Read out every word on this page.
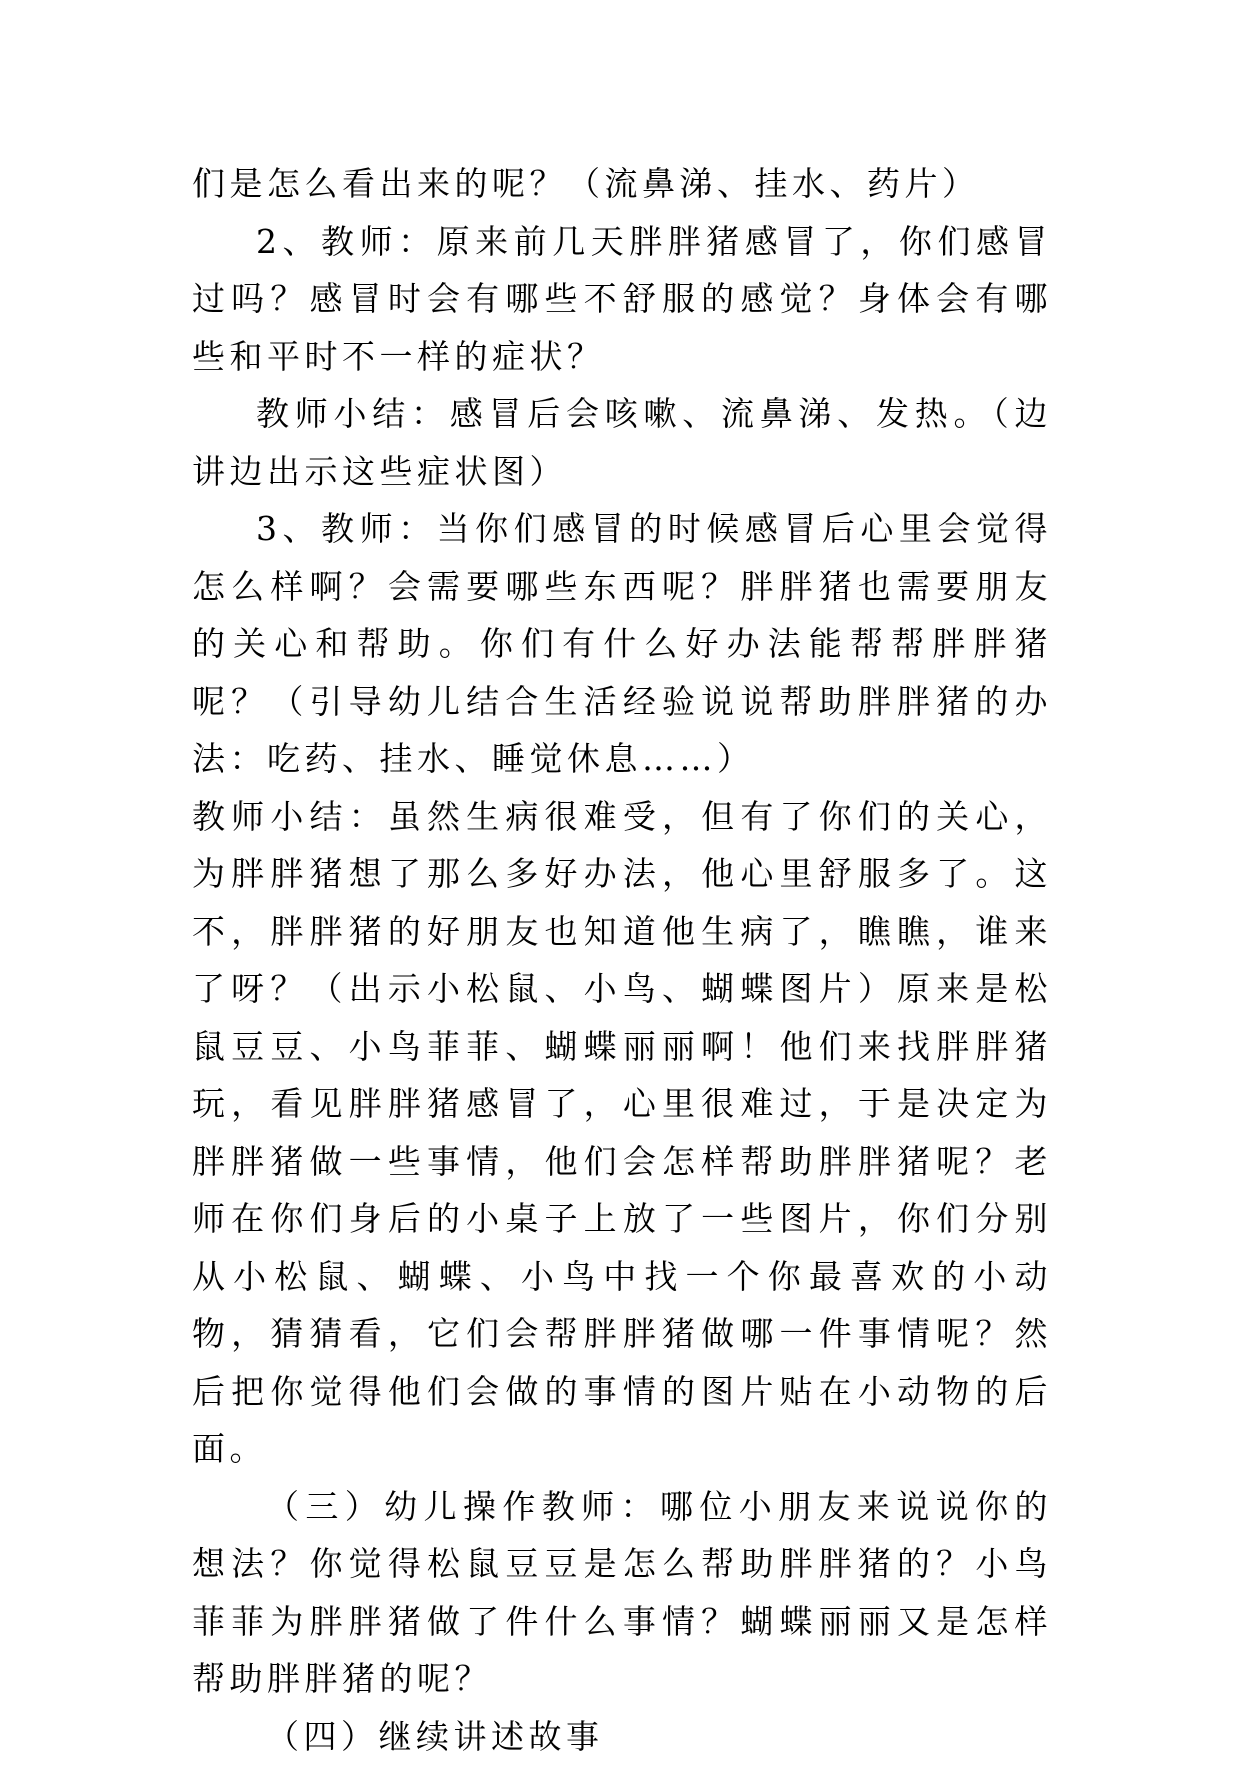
们是怎么看出来的呢？（流鼻涕、挂水、药片）

2、教师：原来前几天胖胖猪感冒了，你们感冒过吗？感冒时会有哪些不舒服的感觉？身体会有哪些和平时不一样的症状？

教师小结：感冒后会咳嗽、流鼻涕、发热。（边讲边出示这些症状图）

3、教师：当你们感冒的时候感冒后心里会觉得怎么样啊？会需要哪些东西呢？胖胖猪也需要朋友的关心和帮助。你们有什么好办法能帮帮胖胖猪呢？（引导幼儿结合生活经验说说帮助胖胖猪的办法：吃药、挂水、睡觉休息……）

教师小结：虽然生病很难受，但有了你们的关心，为胖胖猪想了那么多好办法，他心里舒服多了。这不，胖胖猪的好朋友也知道他生病了，瞧瞧，谁来了呀？（出示小松鼠、小鸟、蝴蝶图片）原来是松鼠豆豆、小鸟菲菲、蝴蝶丽丽啊！他们来找胖胖猪玩，看见胖胖猪感冒了，心里很难过，于是决定为胖胖猪做一些事情，他们会怎样帮助胖胖猪呢？老师在你们身后的小桌子上放了一些图片，你们分别从小松鼠、蝴蝶、小鸟中找一个你最喜欢的小动物，猜猜看，它们会帮胖胖猪做哪一件事情呢？然后把你觉得他们会做的事情的图片贴在小动物的后面。

（三）幼儿操作教师：哪位小朋友来说说你的想法？你觉得松鼠豆豆是怎么帮助胖胖猪的？小鸟菲菲为胖胖猪做了件什么事情？蝴蝶丽丽又是怎样帮助胖胖猪的呢？

（四）继续讲述故事
